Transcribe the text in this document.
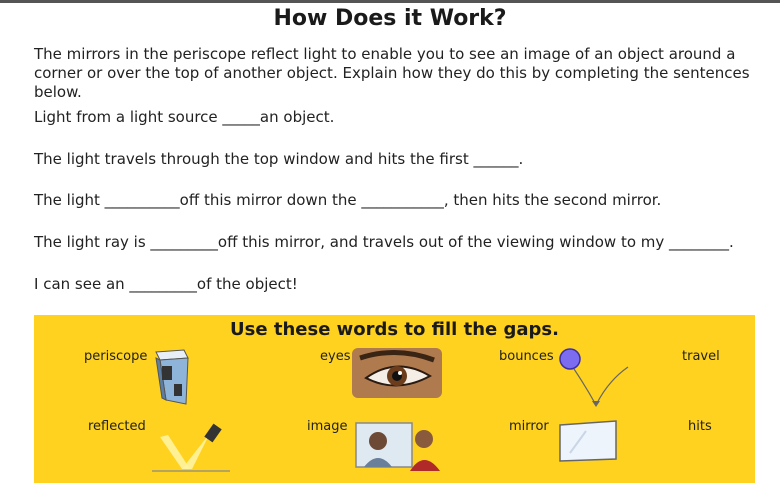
How Does it Work?
The mirrors in the periscope reflect light to enable you to see an image of an object around a corner or over the top of another object. Explain how they do this by completing the sentences below.
Light from a light source _____an object.
The light travels through the top window and hits the first ______.
The light __________off this mirror down the ___________, then hits the second mirror.
The light ray is _________off this mirror, and travels out of the viewing window to my ________.
I can see an _________of the object!
Use these words to fill the gaps.
periscope	eyes	bounces	travel
reflected	image	mirror	hits
